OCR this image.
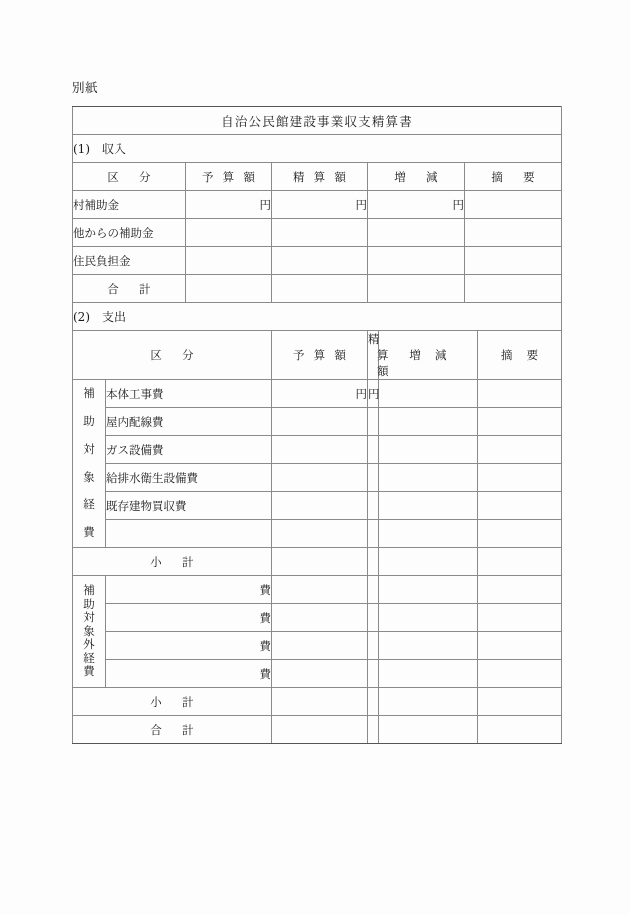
別紙
自治公民館建設事業収支精算書							
(1) 収入							

区 分		予 算 額	精 算 額	増 減		摘 要	

村補助金		円	円	円			
他からの補助金							
住民負担金							

合 計							

(2) 支出							

区 分			予 算 額	精算額	増 減		摘 要

補
助
対
象
経
費
	本体工事費	円	円		
	屋内配線費						
	ガス設備費						
	給排水衛生設備費						
	既存建物買収費						

小 計							

補
助
対
象
外
経
費
	費				
	費						
	費						
	費						

小 計							

合 計							
